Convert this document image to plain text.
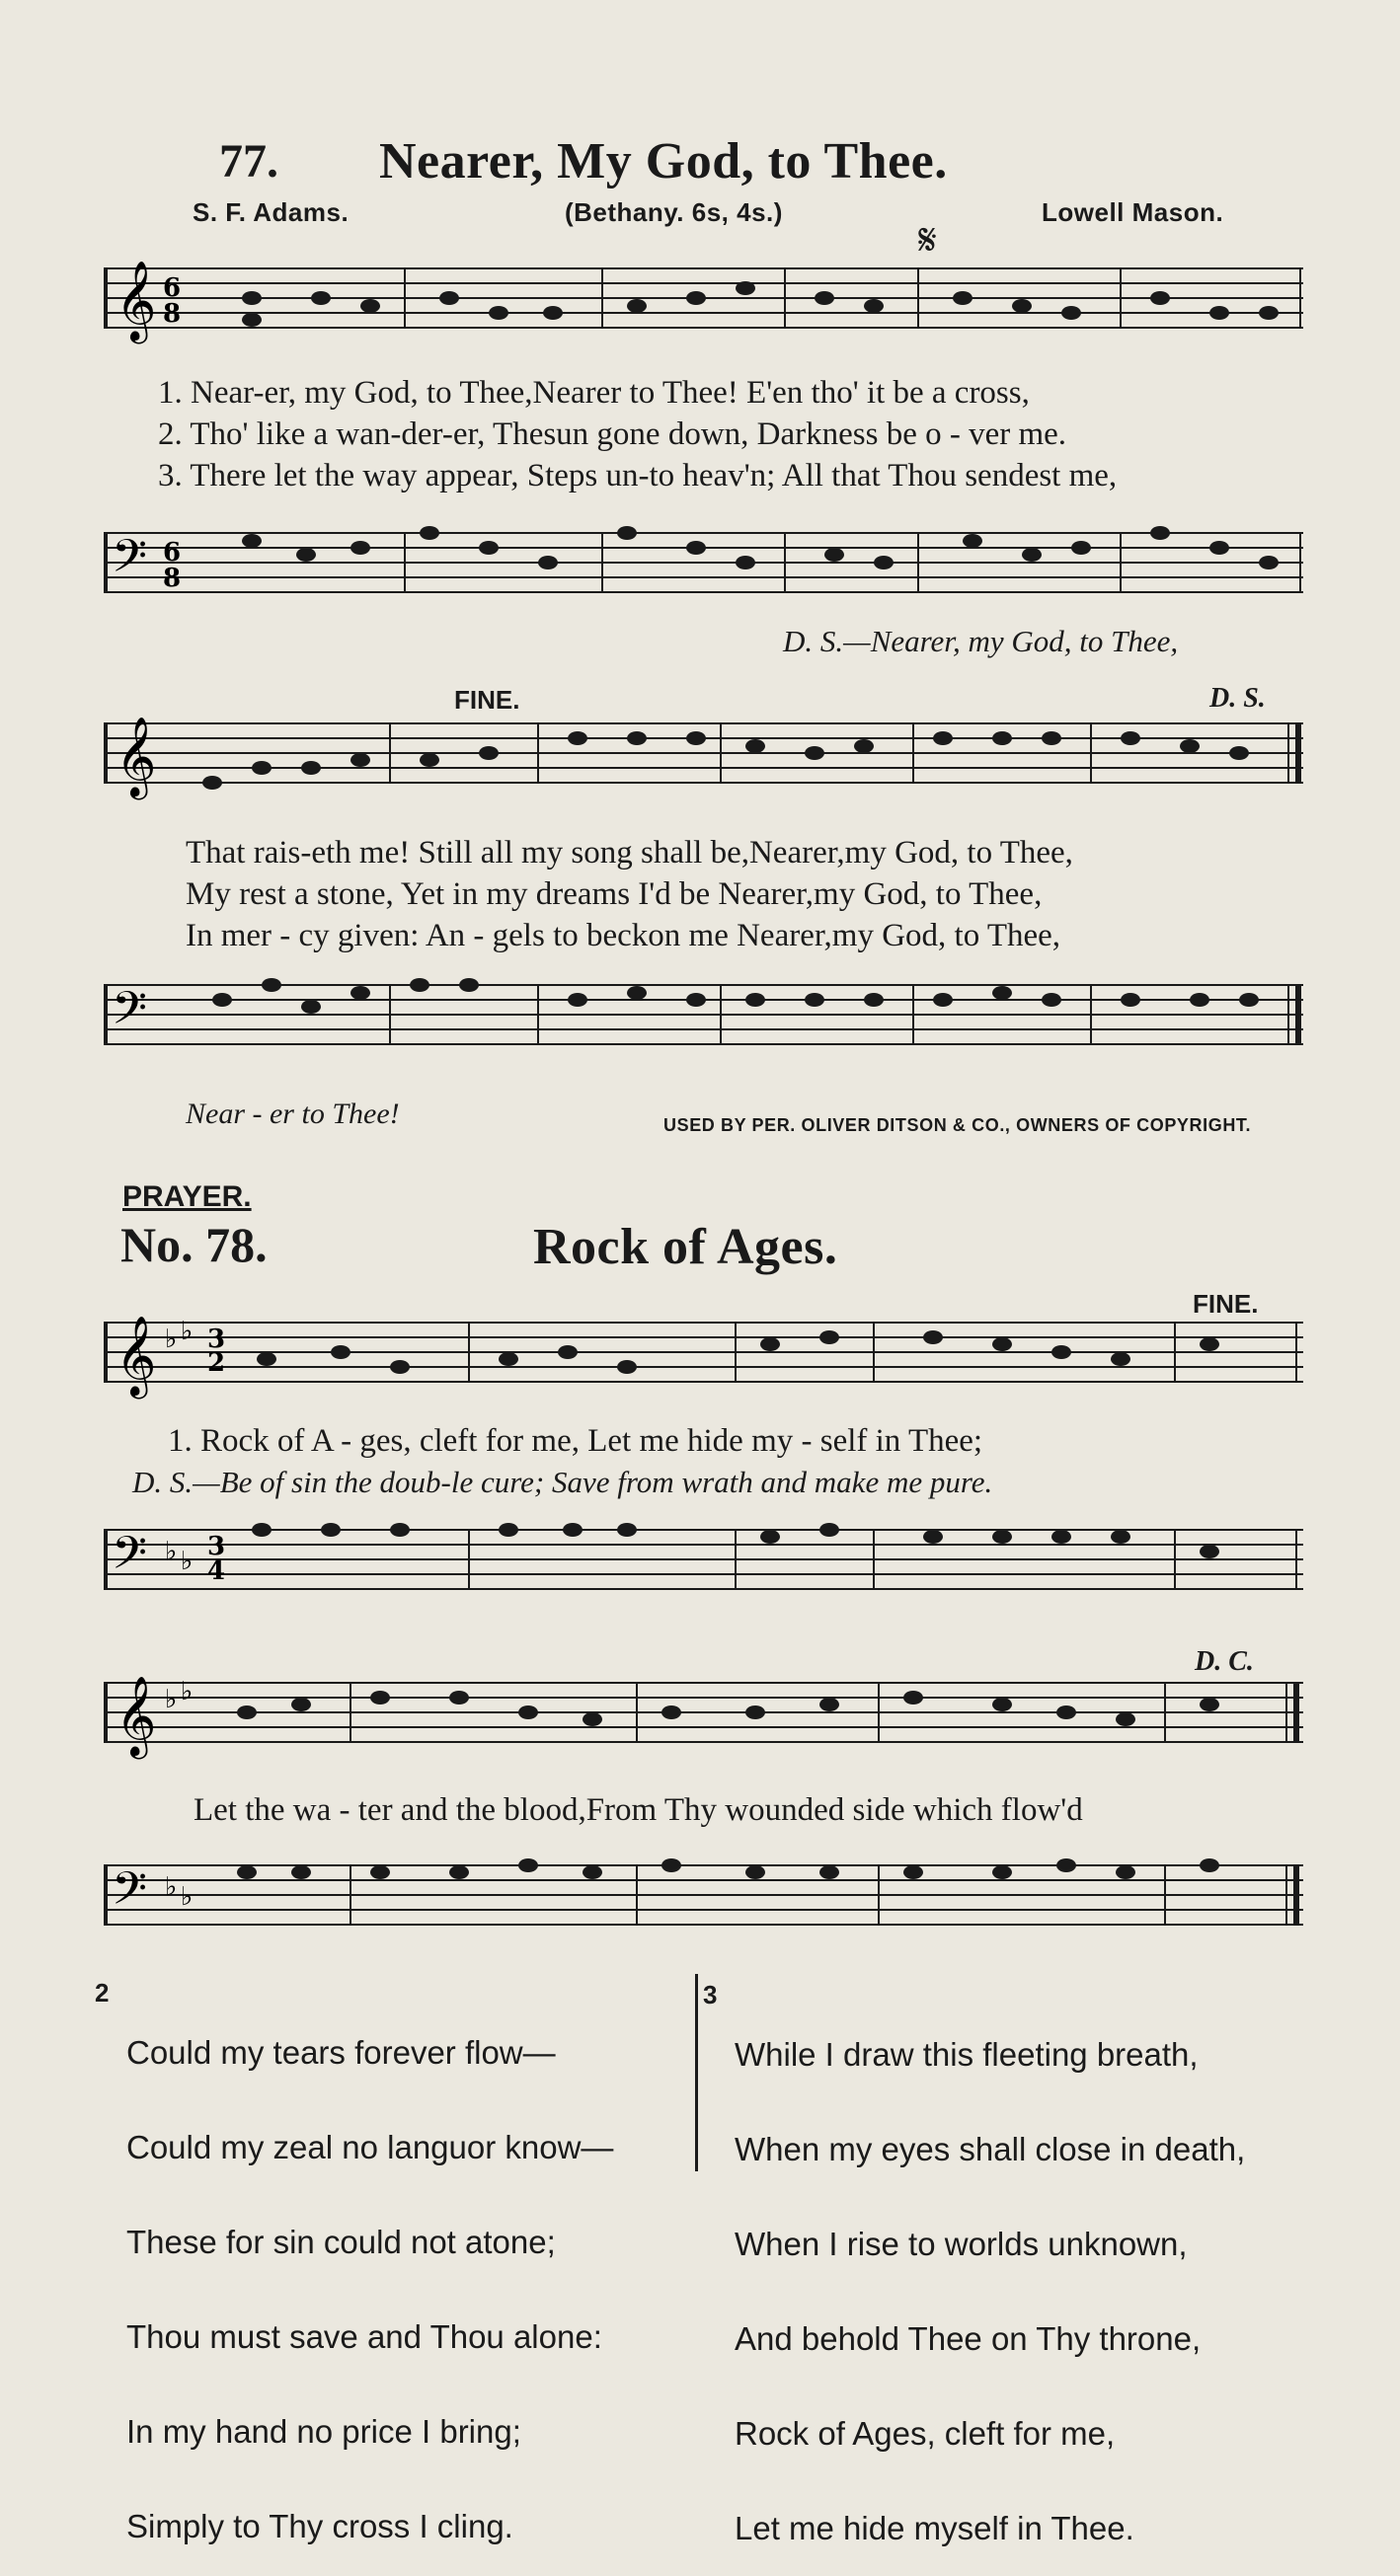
77. Nearer, My God, to Thee.
S. F. Adams.	(Bethany. 6s, 4s.)	Lowell Mason.
𝄋
𝄞 6
8
1. Near-er, my God, to Thee,Nearer to Thee! E'en tho' it be a cross,
2. Tho' like a wan-der-er, Thesun gone down, Darkness be o - ver me.
3. There let the way appear, Steps un-to heav'n; All that Thou sendest me,
𝄢 6
8
D. S.—Nearer, my God, to Thee,
FINE.	D. S.
𝄞
That rais-eth me! Still all my song shall be,Nearer,my God, to Thee,
My rest a stone, Yet in my dreams I'd be Nearer,my God, to Thee,
In mer - cy given: An - gels to beckon me Nearer,my God, to Thee,
𝄢
Near - er to Thee!	USED BY PER. OLIVER DITSON & CO., OWNERS OF COPYRIGHT.
PRAYER.
No. 78.	Rock of Ages.
FINE.
𝄞 ♭ ♭ 3
2
1. Rock of A - ges, cleft for me, Let me hide my - self in Thee;
D. S.—Be of sin the doub-le cure; Save from wrath and make me pure.
𝄢 ♭ ♭ 3
4
D. C.
𝄞 ♭ ♭
Let the wa - ter and the blood,From Thy wounded side which flow'd
𝄢 ♭ ♭
2

Could my tears forever flow—

Could my zeal no languor know—

These for sin could not atone;

Thou must save and Thou alone:

In my hand no price I bring;

Simply to Thy cross I cling.

3

While I draw this fleeting breath,

When my eyes shall close in death,

When I rise to worlds unknown,

And behold Thee on Thy throne,

Rock of Ages, cleft for me,

Let me hide myself in Thee.
